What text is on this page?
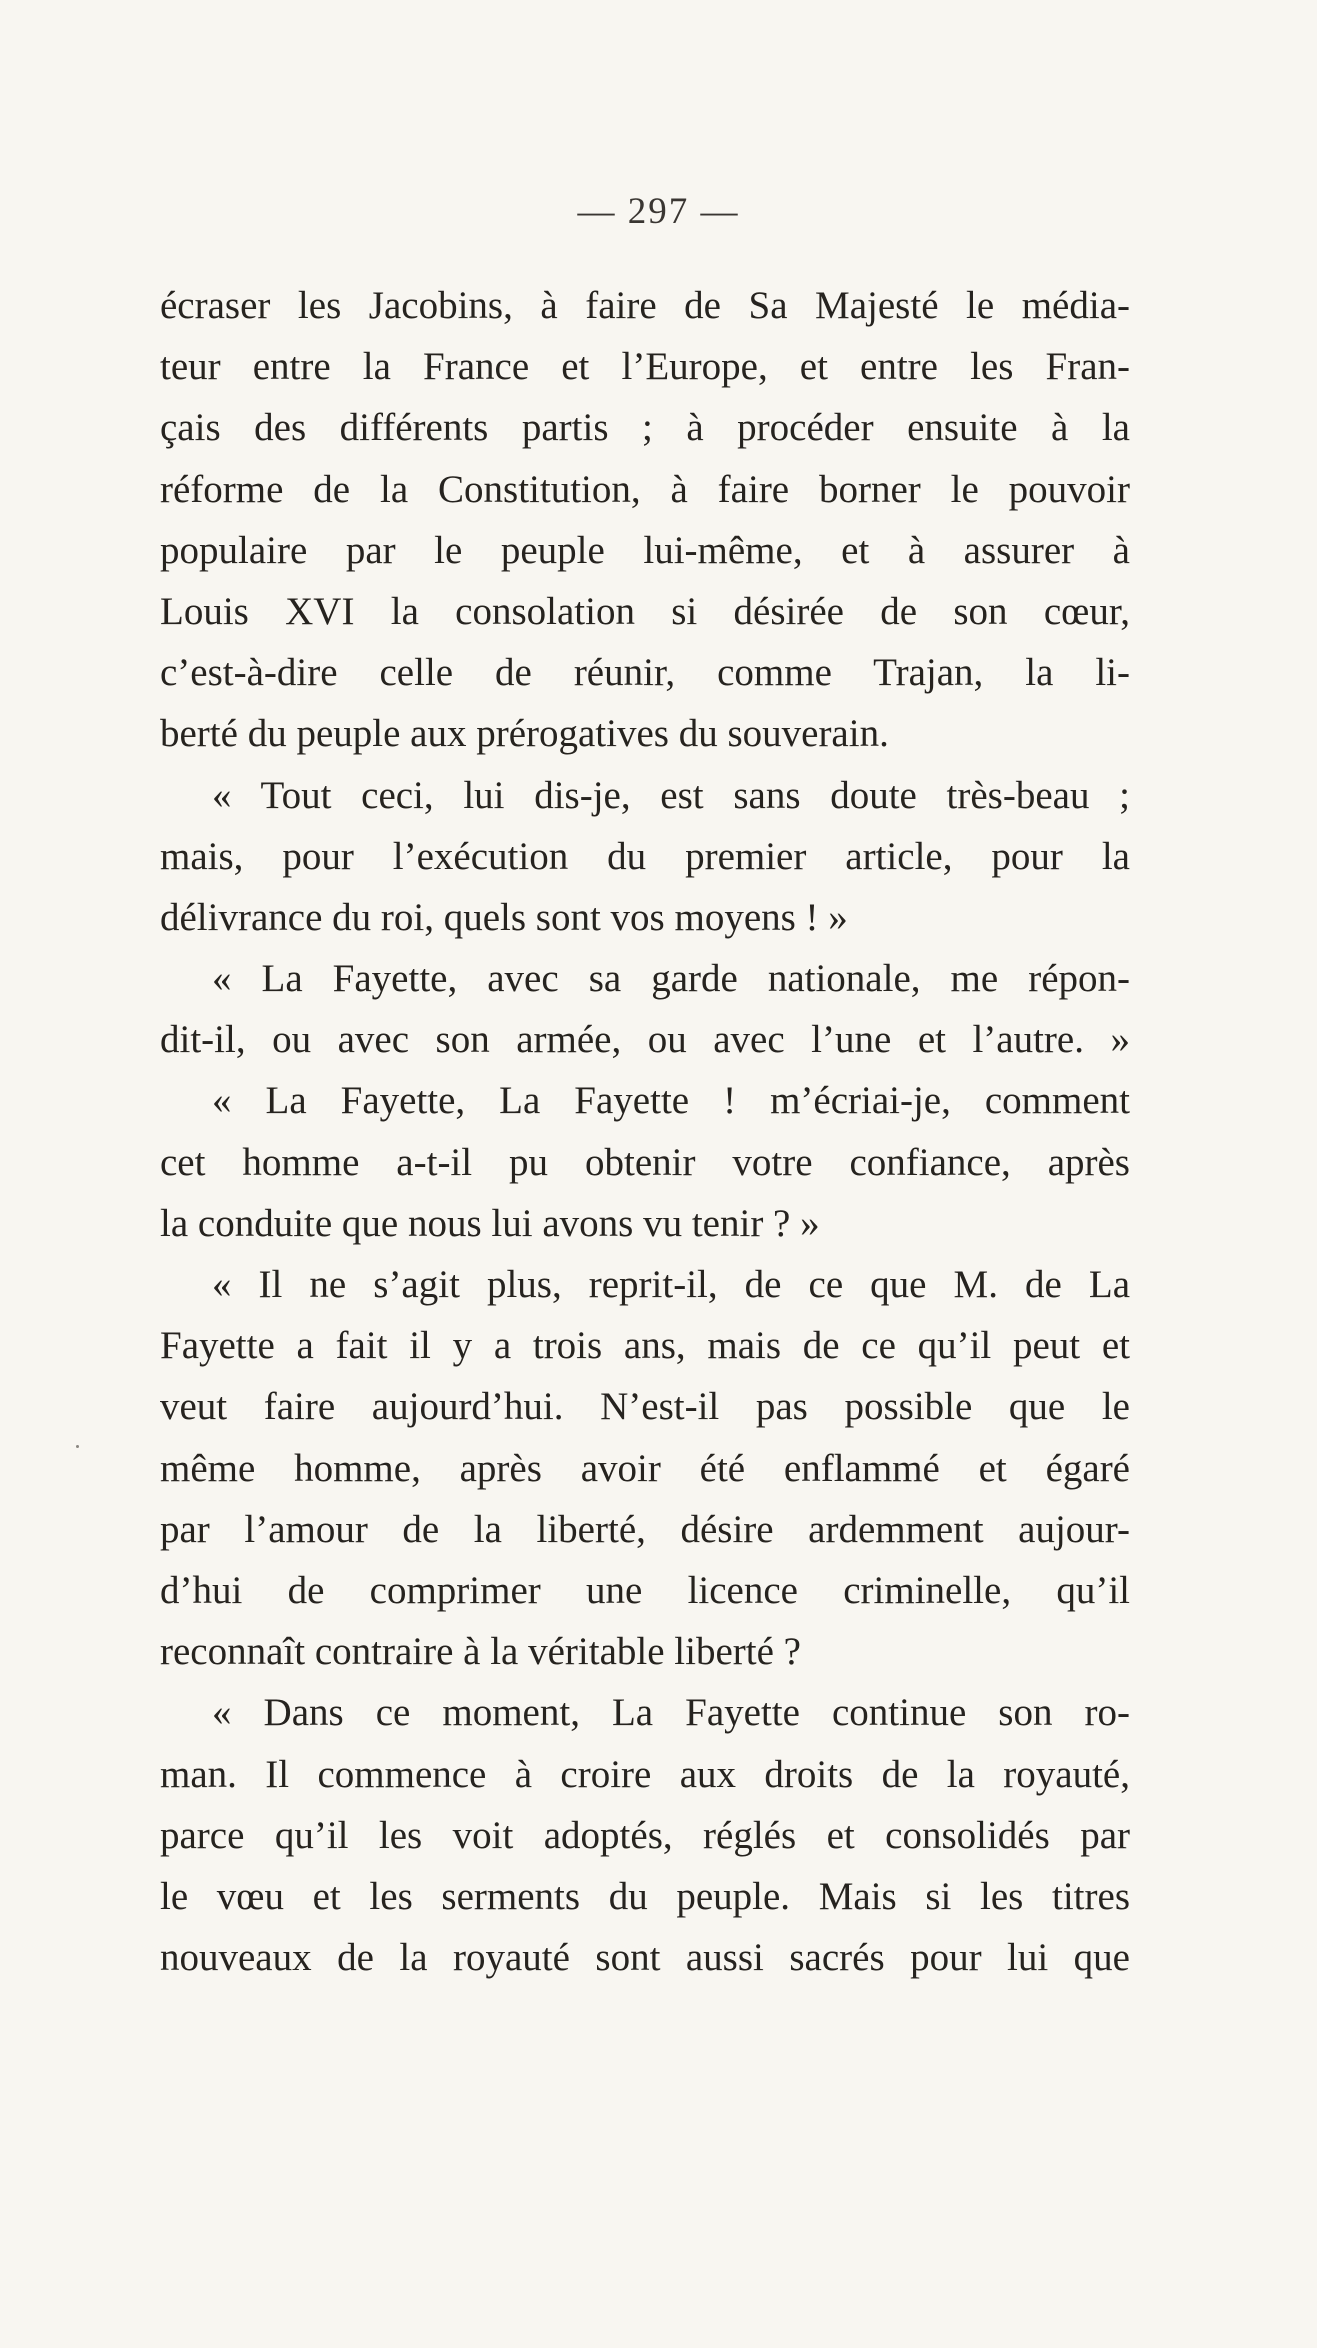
— 297 —
écraser les Jacobins, à faire de Sa Majesté le média-
teur entre la France et l’Europe, et entre les Fran-
çais des différents partis ; à procéder ensuite à la
réforme de la Constitution, à faire borner le pouvoir
populaire par le peuple lui-même, et à assurer à
Louis XVI la consolation si désirée de son cœur,
c’est-à-dire celle de réunir, comme Trajan, la li-
berté du peuple aux prérogatives du souverain.
« Tout ceci, lui dis-je, est sans doute très-beau ;
mais, pour l’exécution du premier article, pour la
délivrance du roi, quels sont vos moyens ! »
« La Fayette, avec sa garde nationale, me répon-
dit-il, ou avec son armée, ou avec l’une et l’autre. »
« La Fayette, La Fayette ! m’écriai-je, comment
cet homme a-t-il pu obtenir votre confiance, après
la conduite que nous lui avons vu tenir ? »
« Il ne s’agit plus, reprit-il, de ce que M. de La
Fayette a fait il y a trois ans, mais de ce qu’il peut et
veut faire aujourd’hui. N’est-il pas possible que le
même homme, après avoir été enflammé et égaré
par l’amour de la liberté, désire ardemment aujour-
d’hui de comprimer une licence criminelle, qu’il
reconnaît contraire à la véritable liberté ?
« Dans ce moment, La Fayette continue son ro-
man. Il commence à croire aux droits de la royauté,
parce qu’il les voit adoptés, réglés et consolidés par
le vœu et les serments du peuple. Mais si les titres
nouveaux de la royauté sont aussi sacrés pour lui que
